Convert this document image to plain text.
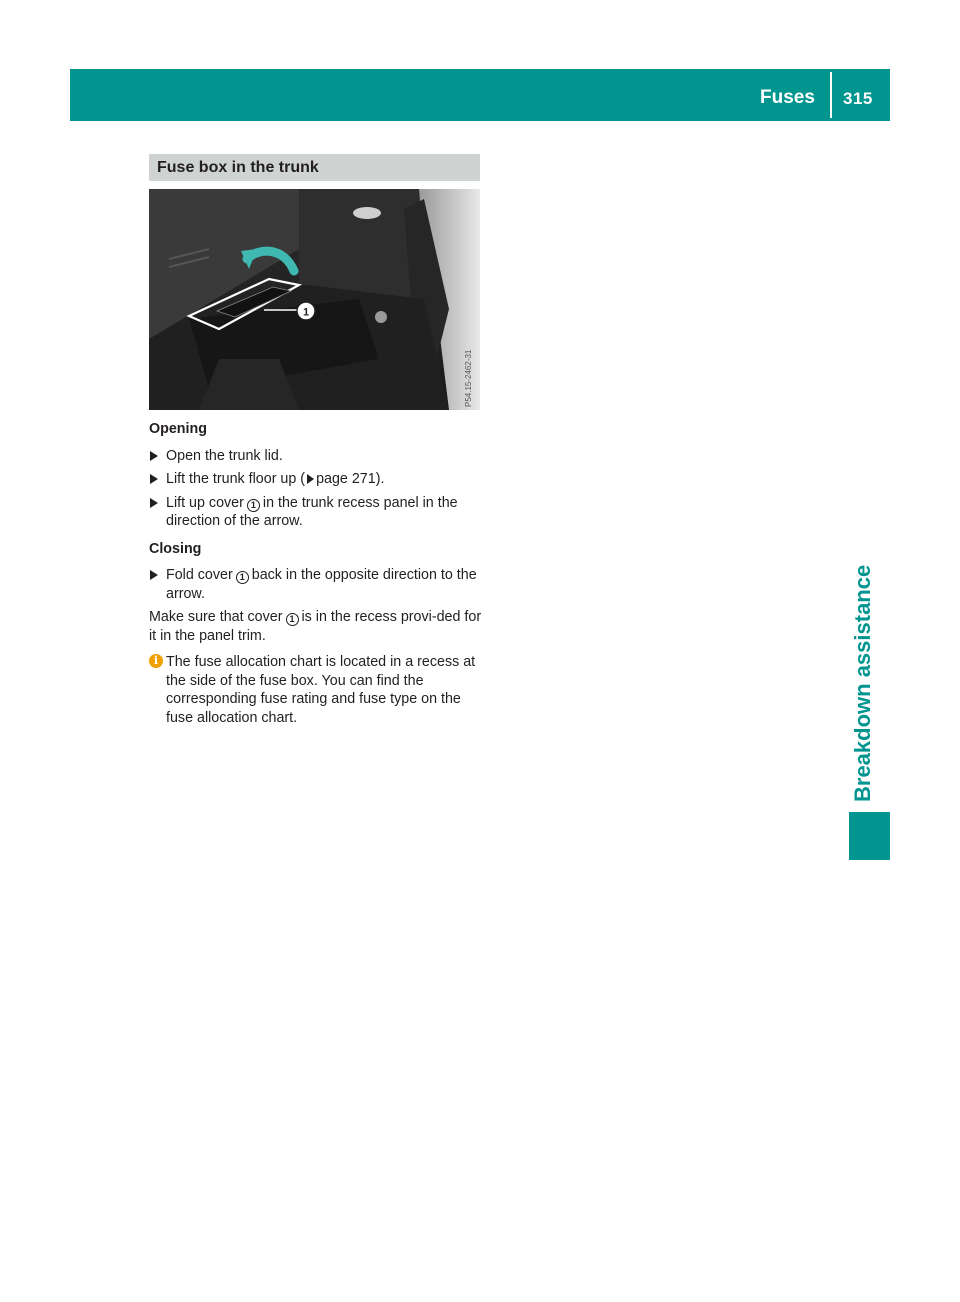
Fuses 315
Breakdown assistance
Fuse box in the trunk
1
P54.15-2462-31
Opening
Open the trunk lid.
Lift the trunk floor up ( page 271).
Lift up cover 1 in the trunk recess panel in the direction of the arrow.
Closing
Fold cover 1 back in the opposite direction to the arrow.
Make sure that cover 1 is in the recess provi-ded for it in the panel trim.
i The fuse allocation chart is located in a recess at the side of the fuse box. You can find the corresponding fuse rating and fuse type on the fuse allocation chart.
